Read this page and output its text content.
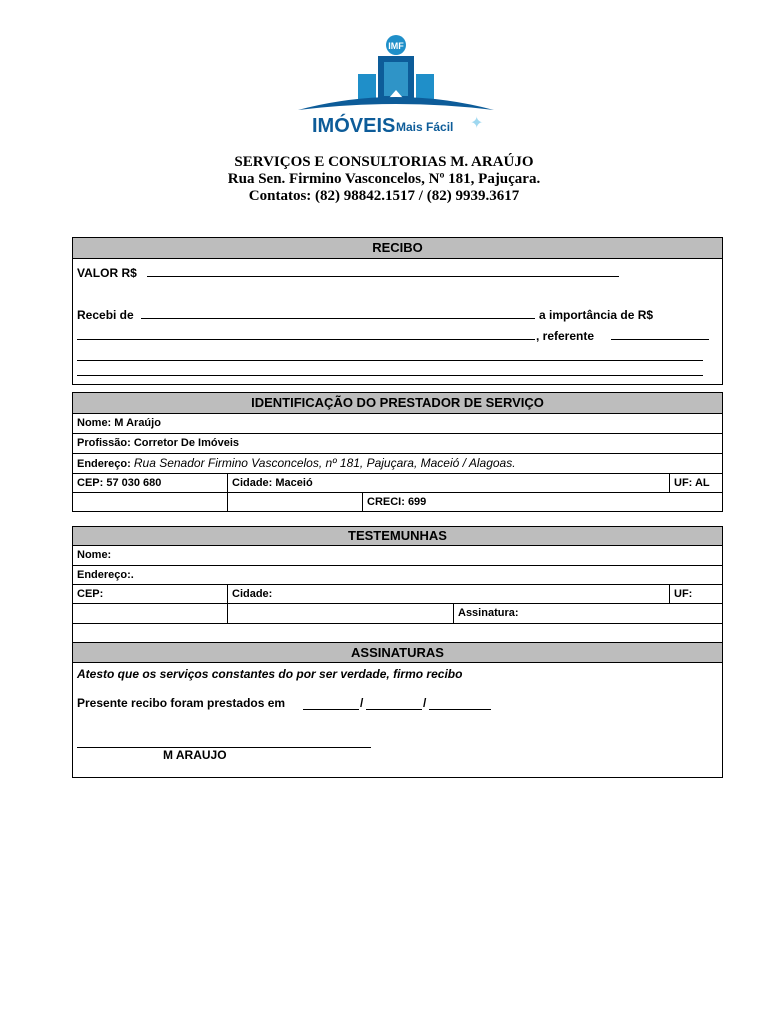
IMF
IMÓVEIS Mais Fácil ✦
SERVIÇOS E CONSULTORIAS M. ARAÚJO
Rua Sen. Firmino Vasconcelos, Nº 181, Pajuçara.
Contatos: (82) 98842.1517 / (82) 9939.3617
RECIBO
VALOR R$
Recebi de	a importância de R$
, referente
IDENTIFICAÇÃO DO PRESTADOR DE SERVIÇO
Nome: M Araújo
Profissão: Corretor De Imóveis
Endereço: Rua Senador Firmino Vasconcelos, nº 181, Pajuçara, Maceió / Alagoas.
CEP: 57 030 680	Cidade: Maceió	UF: AL
CRECI: 699
TESTEMUNHAS
Nome:
Endereço:.
CEP:	Cidade:	UF:
Assinatura:
ASSINATURAS
Atesto que os serviços constantes do por ser verdade, firmo recibo
Presente recibo foram prestados em	/	/
M ARAUJO
